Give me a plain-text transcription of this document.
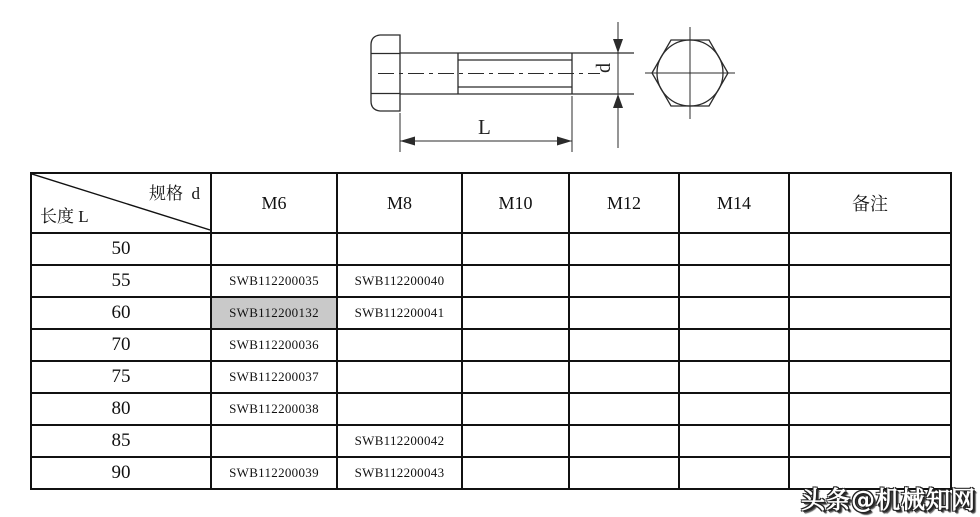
d
L
规格  d
长度 L	M6	M8	M10	M12	M14	备注
50						
55	SWB112200035	SWB112200040				
60	SWB112200132	SWB112200041				
70	SWB112200036					
75	SWB112200037					
80	SWB112200038					
85		SWB112200042				
90	SWB112200039	SWB112200043				
头条@机械知网
